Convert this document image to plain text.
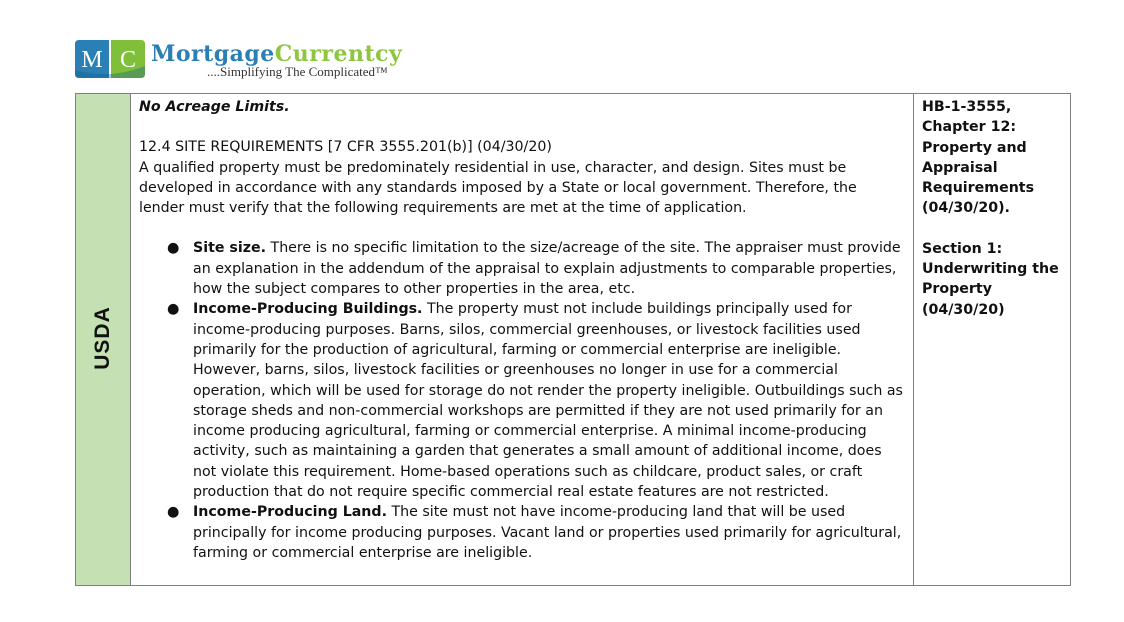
M C MortgageCurrentcy
....Simplifying The Complicated™
USDA

No Acreage Limits.

12.4 SITE REQUIREMENTS [7 CFR 3555.201(b)] (04/30/20)

A qualified property must be predominately residential in use, character, and design. Sites must be developed in accordance with any standards imposed by a State or local government. Therefore, the lender must verify that the following requirements are met at the time of application.

● Site size. There is no specific limitation to the size/acreage of the site. The appraiser must provide an explanation in the addendum of the appraisal to explain adjustments to comparable properties, how the subject compares to other properties in the area, etc.
● Income-Producing Buildings. The property must not include buildings principally used for income-producing purposes. Barns, silos, commercial greenhouses, or livestock facilities used primarily for the production of agricultural, farming or commercial enterprise are ineligible. However, barns, silos, livestock facilities or greenhouses no longer in use for a commercial operation, which will be used for storage do not render the property ineligible. Outbuildings such as storage sheds and non-commercial workshops are permitted if they are not used primarily for an income producing agricultural, farming or commercial enterprise. A minimal income-producing activity, such as maintaining a garden that generates a small amount of additional income, does not violate this requirement. Home-based operations such as childcare, product sales, or craft production that do not require specific commercial real estate features are not restricted.
● Income-Producing Land. The site must not have income-producing land that will be used principally for income producing purposes. Vacant land or properties used primarily for agricultural, farming or commercial enterprise are ineligible.

HB-1-3555, Chapter 12: Property and Appraisal Requirements (04/30/20).

Section 1: Underwriting the Property (04/30/20)
